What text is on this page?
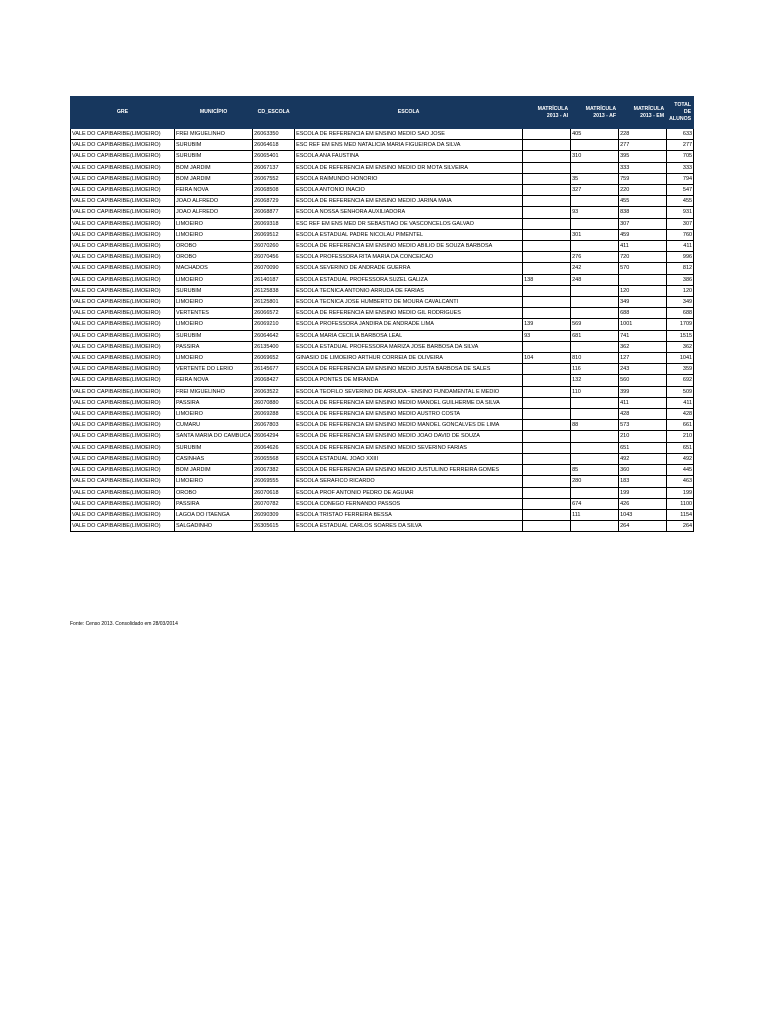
GRE	MUNICÍPIO	CD_ESCOLA	ESCOLA	MATRÍCULA 2013 - AI	MATRÍCULA 2013 - AF	MATRÍCULA 2013 - EM	TOTAL DE ALUNOS
VALE DO CAPIBARIBE(LIMOEIRO)	FREI MIGUELINHO	26063350	ESCOLA DE REFERENCIA EM ENSINO MEDIO SAO JOSE		405	228	633
VALE DO CAPIBARIBE(LIMOEIRO)	SURUBIM	26064618	ESC REF EM ENS MED NATALICIA MARIA FIGUEIROA DA SILVA			277	277
VALE DO CAPIBARIBE(LIMOEIRO)	SURUBIM	26065401	ESCOLA ANA FAUSTINA		310	395	705
VALE DO CAPIBARIBE(LIMOEIRO)	BOM JARDIM	26067137	ESCOLA DE REFERENCIA EM ENSINO MEDIO DR MOTA SILVEIRA			333	333
VALE DO CAPIBARIBE(LIMOEIRO)	BOM JARDIM	26067552	ESCOLA RAIMUNDO HONORIO		35	759	794
VALE DO CAPIBARIBE(LIMOEIRO)	FEIRA NOVA	26068508	ESCOLA ANTONIO INACIO		327	220	547
VALE DO CAPIBARIBE(LIMOEIRO)	JOAO ALFREDO	26068729	ESCOLA DE REFERENCIA EM ENSINO MEDIO JARINA MAIA			455	455
VALE DO CAPIBARIBE(LIMOEIRO)	JOAO ALFREDO	26068877	ESCOLA NOSSA SENHORA AUXILIADORA		93	838	931
VALE DO CAPIBARIBE(LIMOEIRO)	LIMOEIRO	26069318	ESC REF EM ENS MED DR SEBASTIAO DE VASCONCELOS GALVAO			307	307
VALE DO CAPIBARIBE(LIMOEIRO)	LIMOEIRO	26069512	ESCOLA ESTADUAL PADRE NICOLAU PIMENTEL		301	459	760
VALE DO CAPIBARIBE(LIMOEIRO)	OROBO	26070260	ESCOLA DE REFERENCIA EM ENSINO MEDIO ABILIO DE SOUZA BARBOSA			411	411
VALE DO CAPIBARIBE(LIMOEIRO)	OROBO	26070456	ESCOLA PROFESSORA RITA MARIA DA CONCEICAO		276	720	996
VALE DO CAPIBARIBE(LIMOEIRO)	MACHADOS	26070090	ESCOLA SEVERINO DE ANDRADE GUERRA		242	570	812
VALE DO CAPIBARIBE(LIMOEIRO)	LIMOEIRO	26140187	ESCOLA ESTADUAL PROFESSORA SUZEL GALIZA	138	248		386
VALE DO CAPIBARIBE(LIMOEIRO)	SURUBIM	26125838	ESCOLA TECNICA ANTONIO ARRUDA DE FARIAS			120	120
VALE DO CAPIBARIBE(LIMOEIRO)	LIMOEIRO	26125801	ESCOLA TECNICA JOSE HUMBERTO DE MOURA CAVALCANTI			349	349
VALE DO CAPIBARIBE(LIMOEIRO)	VERTENTES	26066572	ESCOLA DE REFERENCIA EM ENSINO MEDIO GIL RODRIGUES			688	688
VALE DO CAPIBARIBE(LIMOEIRO)	LIMOEIRO	26069210	ESCOLA PROFESSORA JANDIRA DE ANDRADE LIMA	139	569	1001	1709
VALE DO CAPIBARIBE(LIMOEIRO)	SURUBIM	26064642	ESCOLA MARIA CECILIA BARBOSA LEAL	93	681	741	1515
VALE DO CAPIBARIBE(LIMOEIRO)	PASSIRA	26135400	ESCOLA ESTADUAL PROFESSORA MARIZA JOSE BARBOSA DA SILVA			362	362
VALE DO CAPIBARIBE(LIMOEIRO)	LIMOEIRO	26069652	GINASIO DE LIMOEIRO ARTHUR CORREIA DE OLIVEIRA	104	810	127	1041
VALE DO CAPIBARIBE(LIMOEIRO)	VERTENTE DO LERIO	26145677	ESCOLA DE REFERENCIA EM ENSINO MEDIO JUSTA BARBOSA DE SALES		116	243	359
VALE DO CAPIBARIBE(LIMOEIRO)	FEIRA NOVA	26068427	ESCOLA PONTES DE MIRANDA		132	560	692
VALE DO CAPIBARIBE(LIMOEIRO)	FREI MIGUELINHO	26063522	ESCOLA TEOFILO SEVERINO DE ARRUDA - ENSINO FUNDAMENTAL E MEDIO		110	399	509
VALE DO CAPIBARIBE(LIMOEIRO)	PASSIRA	26070880	ESCOLA DE REFERENCIA EM ENSINO MEDIO MANOEL GUILHERME DA SILVA			411	411
VALE DO CAPIBARIBE(LIMOEIRO)	LIMOEIRO	26069288	ESCOLA DE REFERENCIA EM ENSINO MEDIO AUSTRO COSTA			428	428
VALE DO CAPIBARIBE(LIMOEIRO)	CUMARU	26067803	ESCOLA DE REFERENCIA EM ENSINO MEDIO MANOEL GONCALVES DE LIMA		88	573	661
VALE DO CAPIBARIBE(LIMOEIRO)	SANTA MARIA DO CAMBUCA	26064294	ESCOLA DE REFERENCIA EM ENSINO MEDIO JOAO DAVID DE SOUZA			210	210
VALE DO CAPIBARIBE(LIMOEIRO)	SURUBIM	26064626	ESCOLA DE REFERENCIA EM ENSINO MEDIO SEVERINO FARIAS			651	651
VALE DO CAPIBARIBE(LIMOEIRO)	CASINHAS	26065568	ESCOLA ESTADUAL JOAO XXIII			492	492
VALE DO CAPIBARIBE(LIMOEIRO)	BOM JARDIM	26067382	ESCOLA DE REFERENCIA EM ENSINO MEDIO JUSTULINO FERREIRA GOMES		85	360	445
VALE DO CAPIBARIBE(LIMOEIRO)	LIMOEIRO	26069555	ESCOLA SERAFICO RICARDO		280	183	463
VALE DO CAPIBARIBE(LIMOEIRO)	OROBO	26070618	ESCOLA PROF ANTONIO PEDRO DE AGUIAR			199	199
VALE DO CAPIBARIBE(LIMOEIRO)	PASSIRA	26070782	ESCOLA CONEGO FERNANDO PASSOS		674	426	1100
VALE DO CAPIBARIBE(LIMOEIRO)	LAGOA DO ITAENGA	26090309	ESCOLA TRISTAO FERREIRA BESSA		111	1043	1154
VALE DO CAPIBARIBE(LIMOEIRO)	SALGADINHO	26305615	ESCOLA ESTADUAL CARLOS SOARES DA SILVA			264	264
Fonte: Censo 2013. Consolidado em 28/03/2014
